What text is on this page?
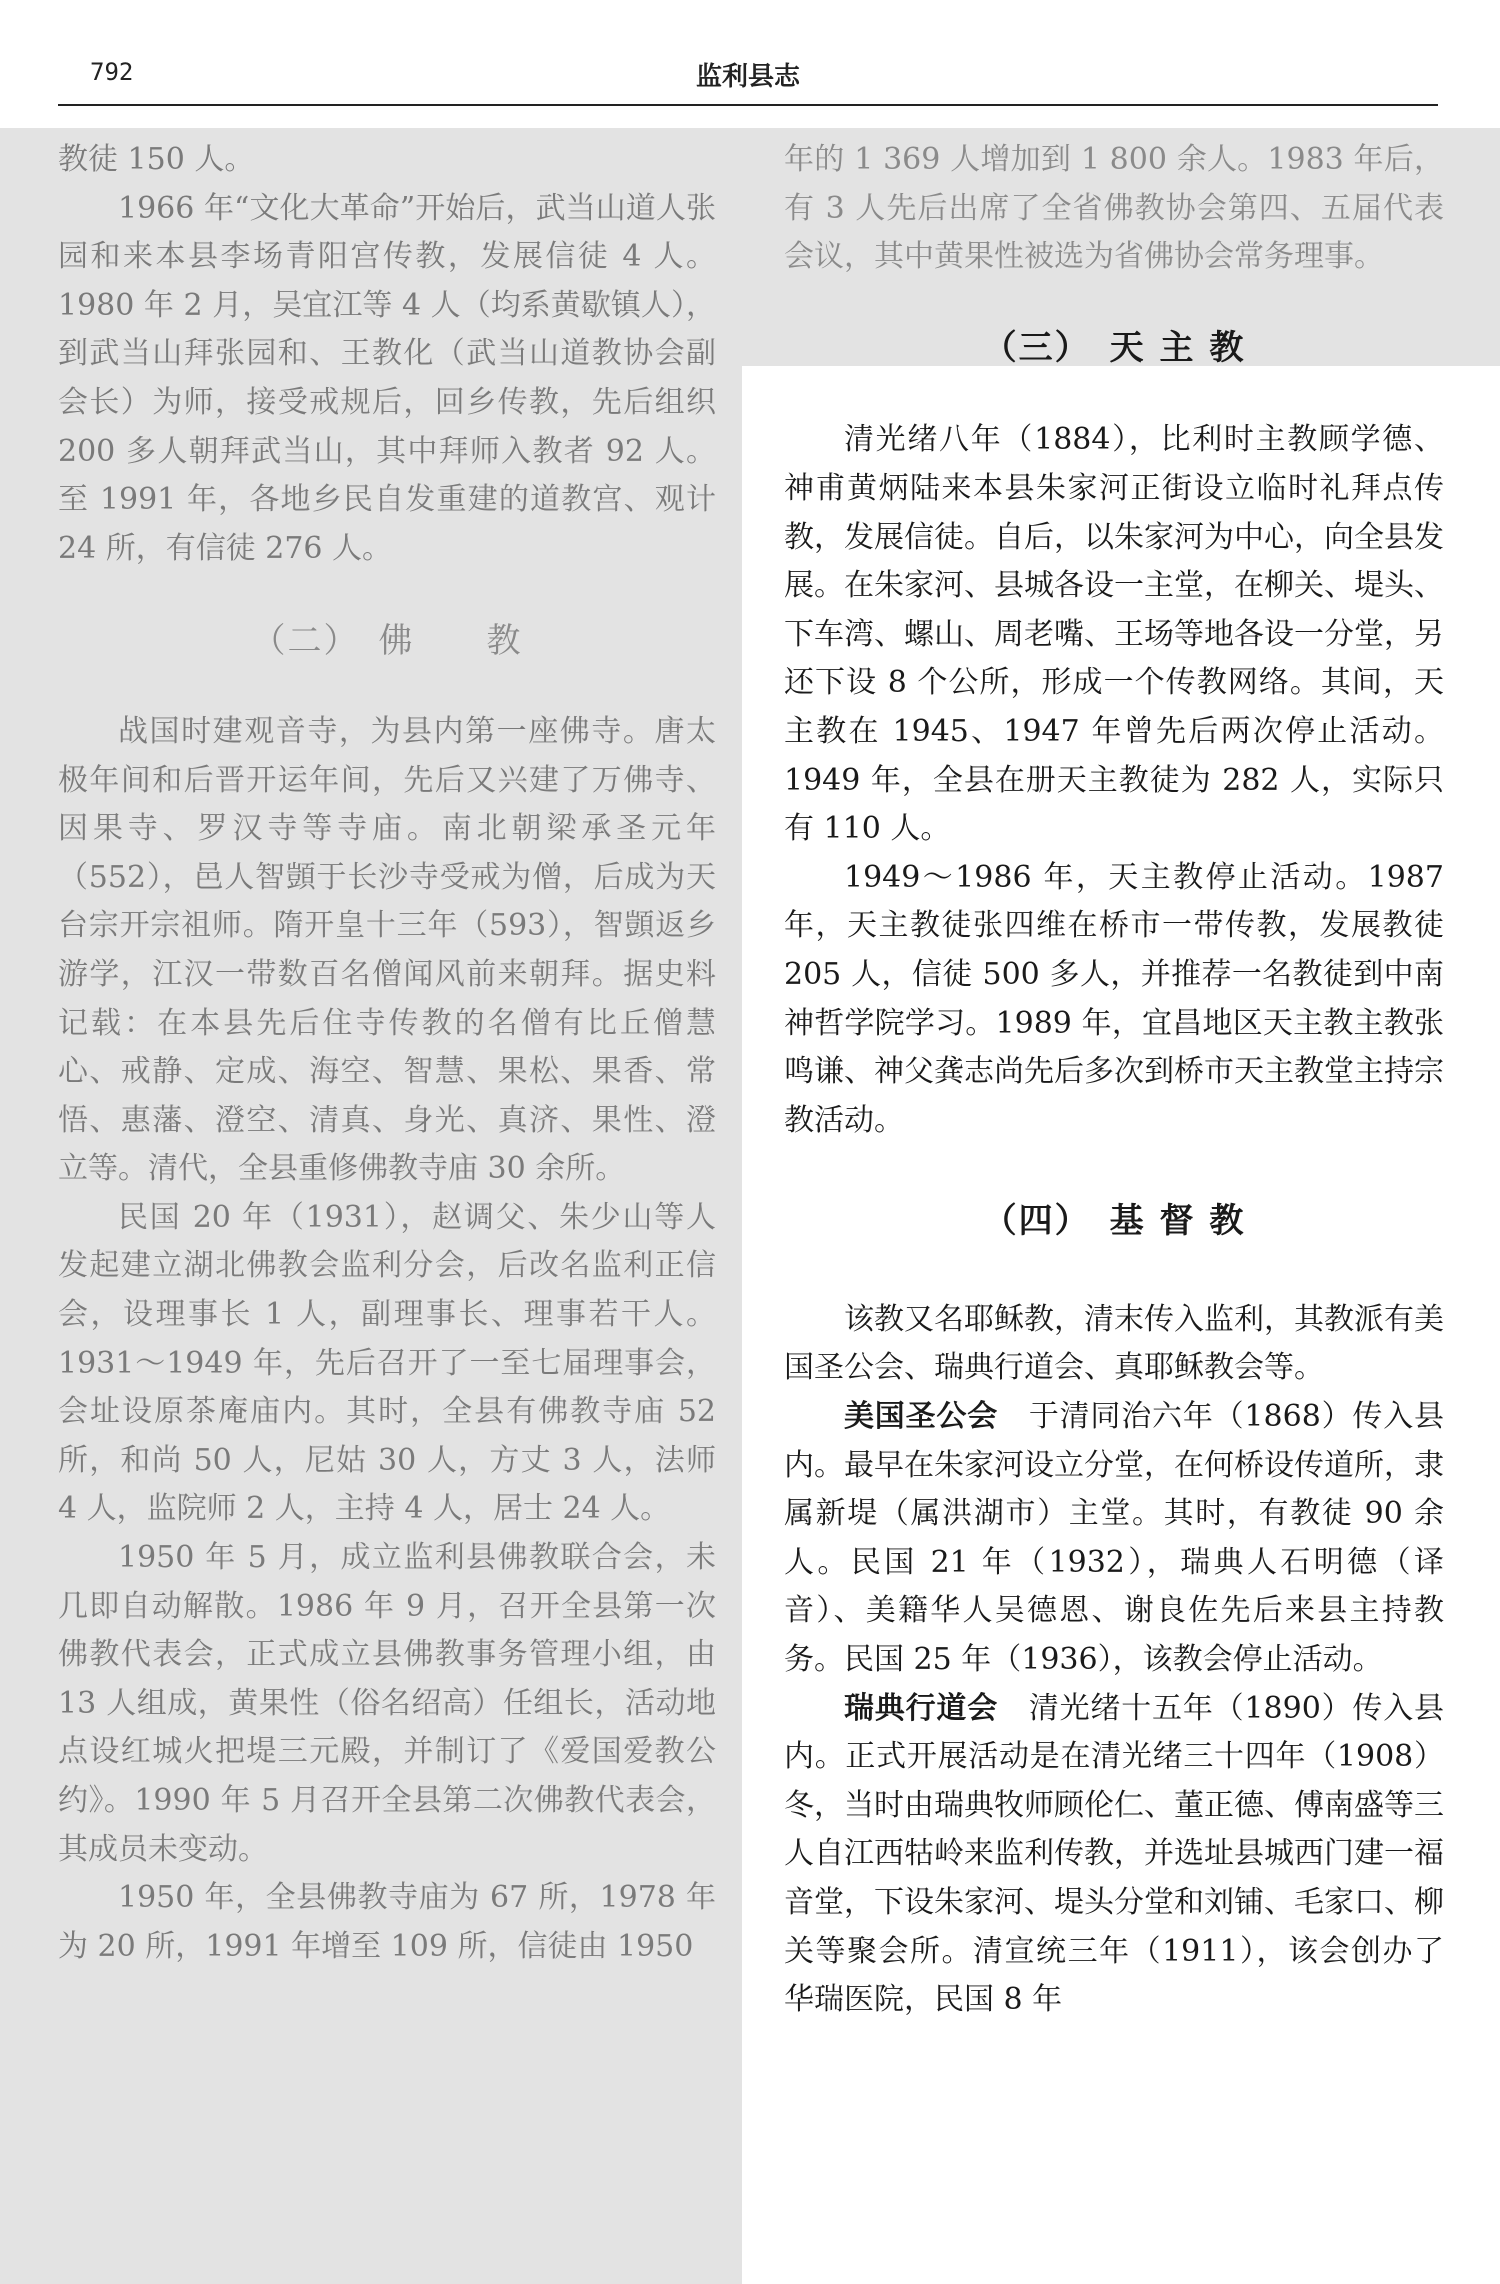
792	监利县志

教徒 150 人。

1966 年“文化大革命”开始后，武当山道人张园和来本县李场青阳宫传教，发展信徒 4 人。1980 年 2 月，吴宜江等 4 人（均系黄歇镇人），到武当山拜张园和、王教化（武当山道教协会副会长）为师，接受戒规后，回乡传教，先后组织 200 多人朝拜武当山，其中拜师入教者 92 人。至 1991 年，各地乡民自发重建的道教宫、观计 24 所，有信徒 276 人。

（二）　佛　　教

战国时建观音寺，为县内第一座佛寺。唐太极年间和后晋开运年间，先后又兴建了万佛寺、因果寺、罗汉寺等寺庙。南北朝梁承圣元年（552），邑人智顗于长沙寺受戒为僧，后成为天台宗开宗祖师。隋开皇十三年（593），智顗返乡游学，江汉一带数百名僧闻风前来朝拜。据史料记载：在本县先后住寺传教的名僧有比丘僧慧心、戒静、定成、海空、智慧、果松、果香、常悟、惠藩、澄空、清真、身光、真济、果性、澄立等。清代，全县重修佛教寺庙 30 余所。

民国 20 年（1931），赵调父、朱少山等人发起建立湖北佛教会监利分会，后改名监利正信会，设理事长 1 人，副理事长、理事若干人。1931～1949 年，先后召开了一至七届理事会，会址设原茶庵庙内。其时，全县有佛教寺庙 52 所，和尚 50 人，尼姑 30 人，方丈 3 人，法师 4 人，监院师 2 人，主持 4 人，居士 24 人。

1950 年 5 月，成立监利县佛教联合会，未几即自动解散。1986 年 9 月，召开全县第一次佛教代表会，正式成立县佛教事务管理小组，由 13 人组成，黄果性（俗名绍高）任组长，活动地点设红城火把堤三元殿，并制订了《爱国爱教公约》。1990 年 5 月召开全县第二次佛教代表会，其成员未变动。

1950 年，全县佛教寺庙为 67 所，1978 年为 20 所，1991 年增至 109 所，信徒由 1950

年的 1 369 人增加到 1 800 余人。1983 年后，有 3 人先后出席了全省佛教协会第四、五届代表会议，其中黄果性被选为省佛协会常务理事。

（三）　天 主 教

清光绪八年（1884），比利时主教顾学德、神甫黄炳陆来本县朱家河正街设立临时礼拜点传教，发展信徒。自后，以朱家河为中心，向全县发展。在朱家河、县城各设一主堂，在柳关、堤头、下车湾、螺山、周老嘴、王场等地各设一分堂，另还下设 8 个公所，形成一个传教网络。其间，天主教在 1945、1947 年曾先后两次停止活动。1949 年，全县在册天主教徒为 282 人，实际只有 110 人。

1949～1986 年，天主教停止活动。1987 年，天主教徒张四维在桥市一带传教，发展教徒 205 人，信徒 500 多人，并推荐一名教徒到中南神哲学院学习。1989 年，宜昌地区天主教主教张鸣谦、神父龚志尚先后多次到桥市天主教堂主持宗教活动。

（四）　基 督 教

该教又名耶稣教，清末传入监利，其教派有美国圣公会、瑞典行道会、真耶稣教会等。

美国圣公会　于清同治六年（1868）传入县内。最早在朱家河设立分堂，在何桥设传道所，隶属新堤（属洪湖市）主堂。其时，有教徒 90 余人。民国 21 年（1932），瑞典人石明德（译音）、美籍华人吴德恩、谢良佐先后来县主持教务。民国 25 年（1936），该教会停止活动。

瑞典行道会　清光绪十五年（1890）传入县内。正式开展活动是在清光绪三十四年（1908）冬，当时由瑞典牧师顾伦仁、董正德、傅南盛等三人自江西牯岭来监利传教，并选址县城西门建一福音堂，下设朱家河、堤头分堂和刘铺、毛家口、柳关等聚会所。清宣统三年（1911），该会创办了华瑞医院，民国 8 年
